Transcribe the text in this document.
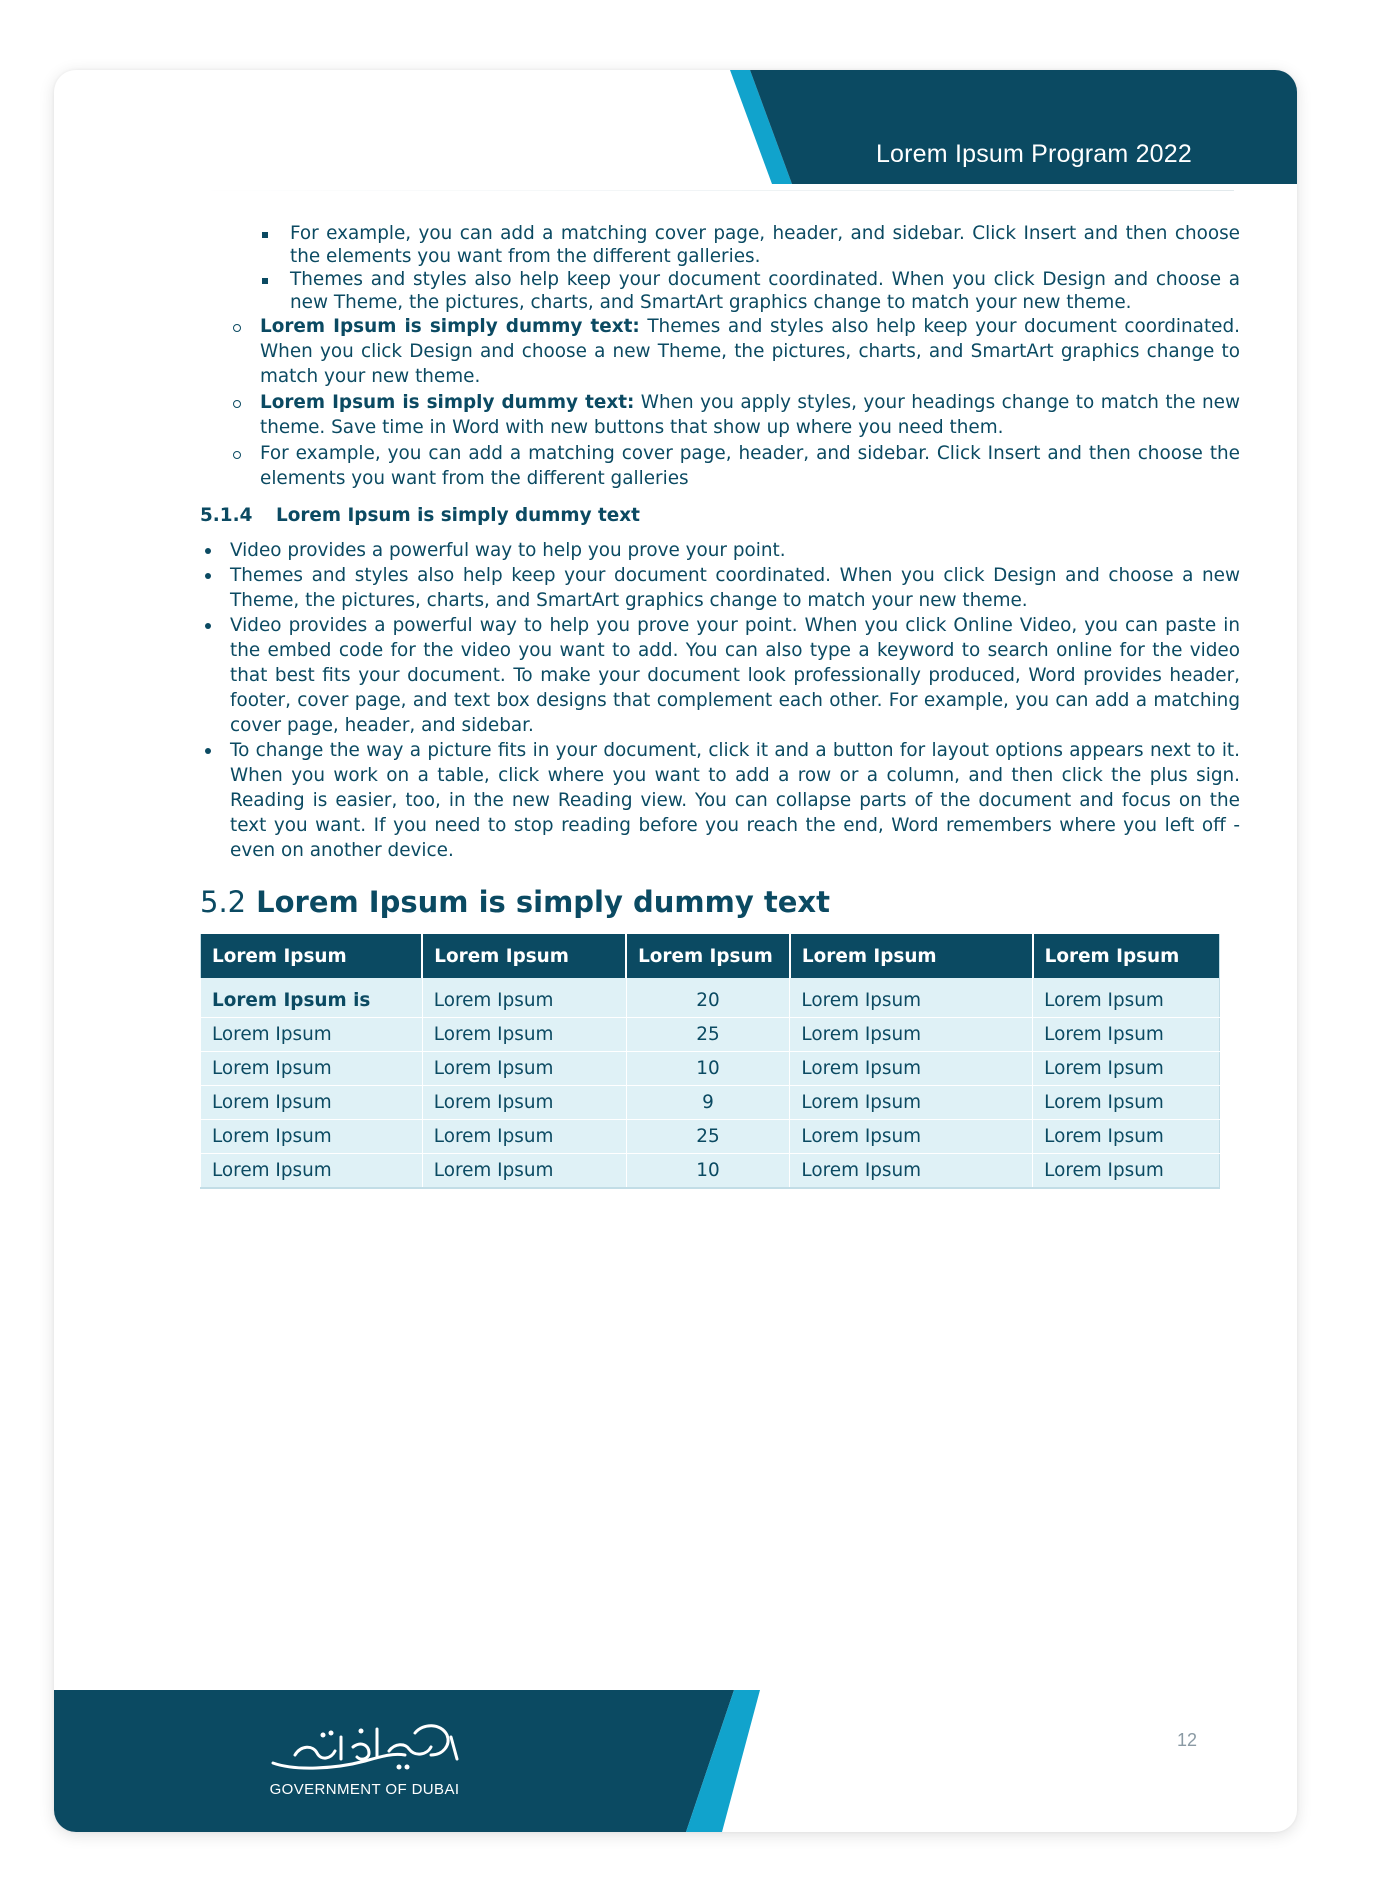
Lorem Ipsum Program 2022
For example, you can add a matching cover page, header, and sidebar. Click Insert and then choose the elements you want from the different galleries.
Themes and styles also help keep your document coordinated. When you click Design and choose a new Theme, the pictures, charts, and SmartArt graphics change to match your new theme.
Lorem Ipsum is simply dummy text: Themes and styles also help keep your document coordinated. When you click Design and choose a new Theme, the pictures, charts, and SmartArt graphics change to match your new theme.
Lorem Ipsum is simply dummy text: When you apply styles, your headings change to match the new theme. Save time in Word with new buttons that show up where you need them.
For example, you can add a matching cover page, header, and sidebar. Click Insert and then choose the elements you want from the different galleries
5.1.4 Lorem Ipsum is simply dummy text
Video provides a powerful way to help you prove your point.
Themes and styles also help keep your document coordinated. When you click Design and choose a new Theme, the pictures, charts, and SmartArt graphics change to match your new theme.
Video provides a powerful way to help you prove your point. When you click Online Video, you can paste in the embed code for the video you want to add. You can also type a keyword to search online for the video that best fits your document. To make your document look professionally produced, Word provides header, footer, cover page, and text box designs that complement each other. For example, you can add a matching cover page, header, and sidebar.
To change the way a picture fits in your document, click it and a button for layout options appears next to it. When you work on a table, click where you want to add a row or a column, and then click the plus sign. Reading is easier, too, in the new Reading view. You can collapse parts of the document and focus on the text you want. If you need to stop reading before you reach the end, Word remembers where you left off - even on another device.
5.2 Lorem Ipsum is simply dummy text
Lorem Ipsum	Lorem Ipsum	Lorem Ipsum	Lorem Ipsum	Lorem Ipsum
Lorem Ipsum is	Lorem Ipsum	20	Lorem Ipsum	Lorem Ipsum
Lorem Ipsum	Lorem Ipsum	25	Lorem Ipsum	Lorem Ipsum
Lorem Ipsum	Lorem Ipsum	10	Lorem Ipsum	Lorem Ipsum
Lorem Ipsum	Lorem Ipsum	9	Lorem Ipsum	Lorem Ipsum
Lorem Ipsum	Lorem Ipsum	25	Lorem Ipsum	Lorem Ipsum
Lorem Ipsum	Lorem Ipsum	10	Lorem Ipsum	Lorem Ipsum
GOVERNMENT OF DUBAI
12
